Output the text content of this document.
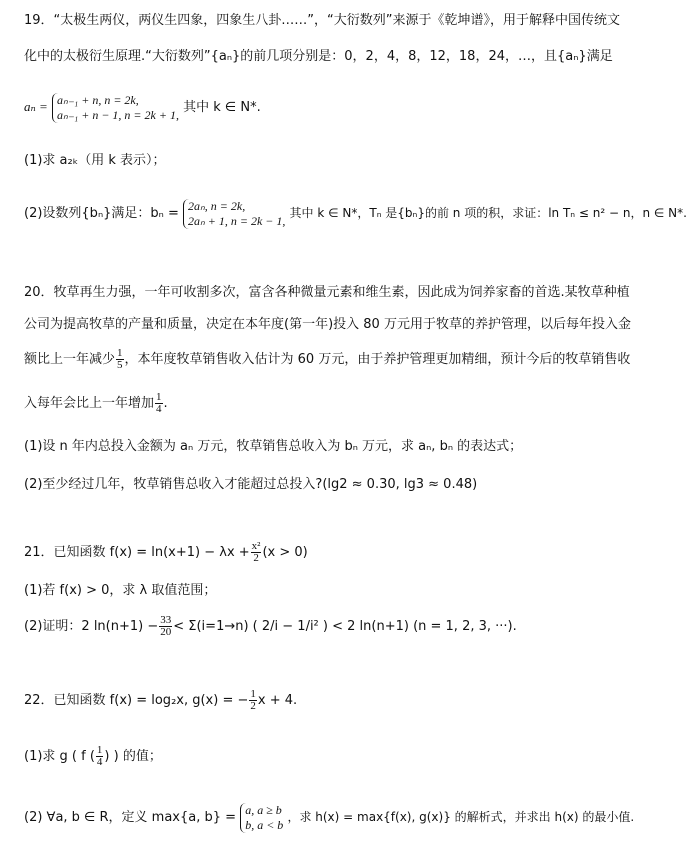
19．“太极生两仪，两仪生四象，四象生八卦……”，“大衍数列”来源于《乾坤谱》，用于解释中国传统文
化中的太极衍生原理.“大衍数列”{aₙ}的前几项分别是：0，2，4，8，12，18，24，…，且{aₙ}满足
aₙ = aₙ₋₁ + n, n = 2k,
aₙ₋₁ + n − 1, n = 2k + 1, 其中 k ∈ N*.
(1)求 a₂ₖ（用 k 表示）；
(2)设数列{bₙ}满足：bₙ =
2aₙ, n = 2k,
2aₙ + 1, n = 2k − 1,
其中 k ∈ N*，Tₙ 是{bₙ}的前 n 项的积，求证：ln Tₙ ≤ n² − n，n ∈ N*.
20．牧草再生力强，一年可收割多次，富含各种微量元素和维生素，因此成为饲养家畜的首选.某牧草种植
公司为提高牧草的产量和质量，决定在本年度(第一年)投入 80 万元用于牧草的养护管理，以后每年投入金
额比上一年减少 $\frac{1}{5}$ ，本年度牧草销售收入估计为 60 万元，由于养护管理更加精细，预计今后的牧草销售收
入每年会比上一年增加 $\frac{1}{4}$ .
(1)设 n 年内总投入金额为 aₙ 万元，牧草销售总收入为 bₙ 万元，求 aₙ, bₙ 的表达式；
(2)至少经过几年，牧草销售总收入才能超过总投入?(lg2 ≈ 0.30, lg3 ≈ 0.48)
21．已知函数 $f(x) = \ln(x+1) - \lambda x + \frac{\text{x²}}{2} (x > 0)$
(1)若 f(x) > 0，求 λ 取值范围；
(2)证明：2 $\ln(n+1) - \frac{33}{20} < \Sigma(i=1\to n)$ ( 2/i − 1/i² ) < 2 ln(n+1) (n = 1, 2, 3, ···).
22．已知函数 f(x) = log₂x, g(x) = − $\frac{1}{2}$ x + 4.
(1)求 g ( f ( $\frac{1}{4}$ ) ) 的值；
(2) ∀a, b ∈ R，定义 max{a, b} =
a, a ≥ b
b, a < b
，求 h(x) = max{f(x), g(x)} 的解析式，并求出 h(x) 的最小值.
